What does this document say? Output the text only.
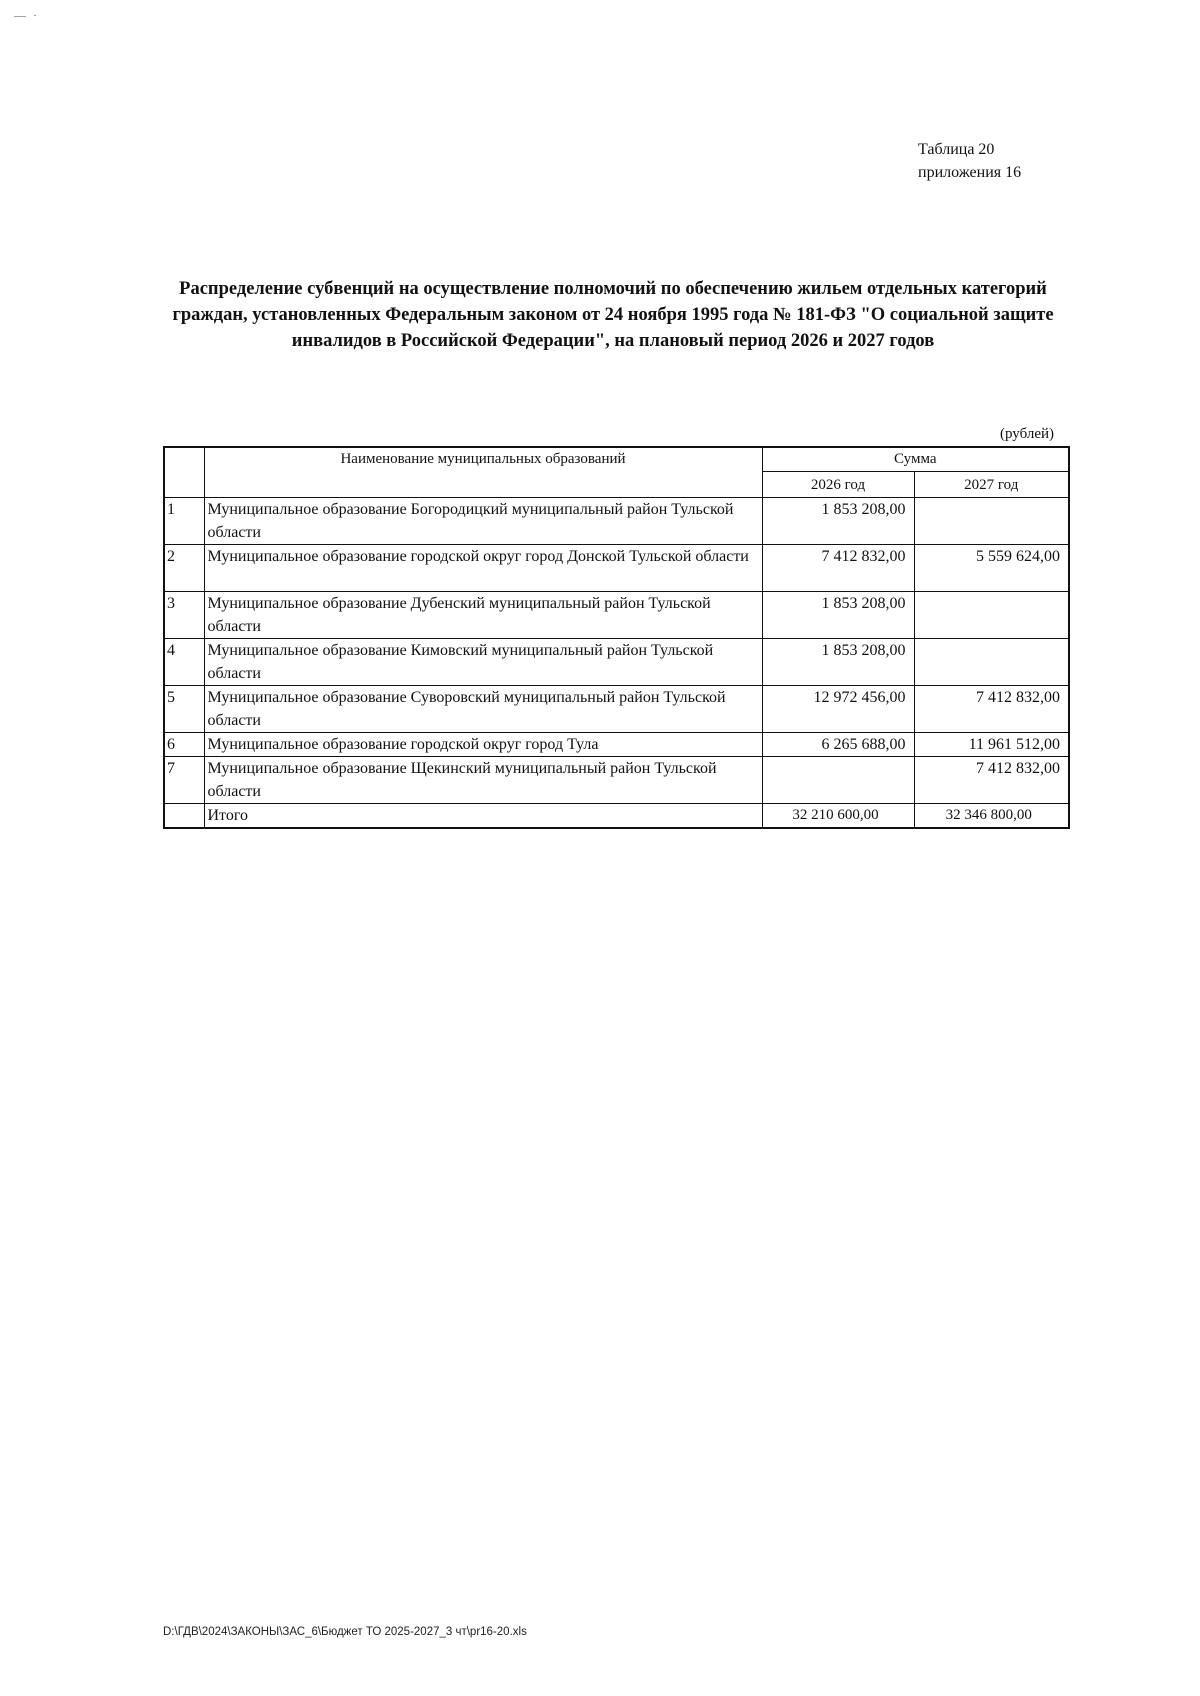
— ·
Таблица 20
приложения 16
Распределение субвенций на осуществление полномочий по обеспечению жильем отдельных категорий граждан, установленных Федеральным законом от 24 ноября 1995 года № 181-ФЗ "О социальной защите инвалидов в Российской Федерации", на плановый период 2026 и 2027 годов
(рублей)
	Наименование муниципальных образований	Сумма	
		2026 год	2027 год
1	Муниципальное образование Богородицкий муниципальный район Тульской области	1 853 208,00	
2	Муниципальное образование городской округ город Донской Тульской области	7 412 832,00	5 559 624,00
3	Муниципальное образование Дубенский муниципальный район Тульской области	1 853 208,00	
4	Муниципальное образование Кимовский муниципальный район Тульской области	1 853 208,00	
5	Муниципальное образование Суворовский муниципальный район Тульской области	12 972 456,00	7 412 832,00
6	Муниципальное образование городской округ город Тула	6 265 688,00	11 961 512,00
7	Муниципальное образование Щекинский муниципальный район Тульской области		7 412 832,00
	Итого	32 210 600,00	32 346 800,00
D:\ГДВ\2024\ЗАКОНЫ\ЗАС_6\Бюджет ТО 2025-2027_3 чт\pr16-20.xls
